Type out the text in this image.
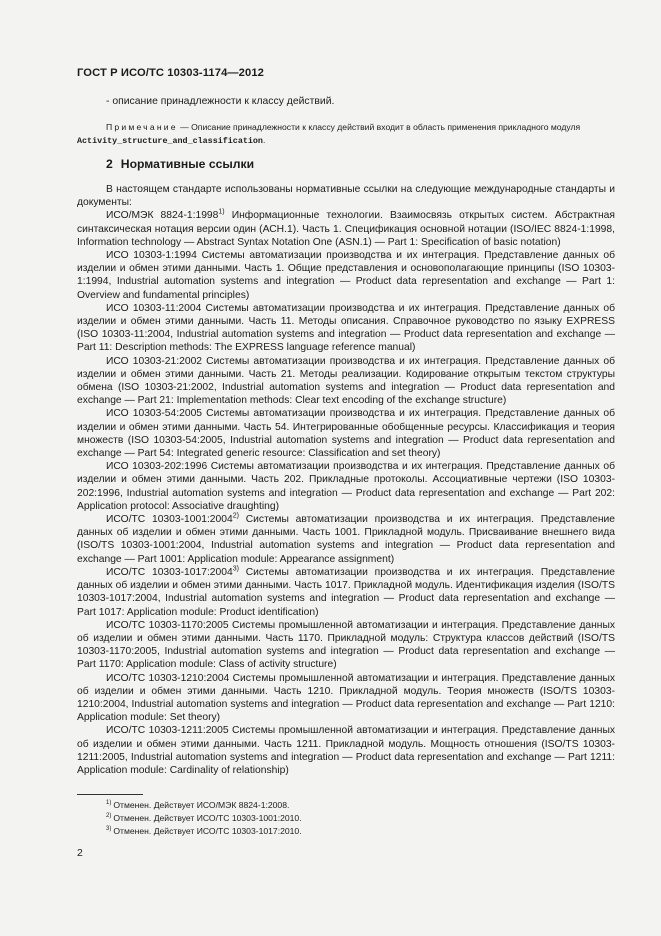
ГОСТ Р ИСО/ТС 10303-1174—2012
- описание принадлежности к классу действий.
Примечание — Описание принадлежности к классу действий входит в область применения прикладного модуля Activity_structure_and_classification.
2 Нормативные ссылки

В настоящем стандарте использованы нормативные ссылки на следующие международные стандарты и документы:

ИСО/МЭК 8824-1:1998$^{1)}$ Информационные технологии. Взаимосвязь открытых систем. Абстрактная синтаксическая нотация версии один (АСН.1). Часть 1. Спецификация основной нотации (ISO/IEC 8824-1:1998, Information technology — Abstract Syntax Notation One (ASN.1) — Part 1: Specification of basic notation)

ИСО 10303-1:1994 Системы автоматизации производства и их интеграция. Представление данных об изделии и обмен этими данными. Часть 1. Общие представления и основополагающие принципы (ISO 10303-1:1994, Industrial automation systems and integration — Product data representation and exchange — Part 1: Overview and fundamental principles)

ИСО 10303-11:2004 Системы автоматизации производства и их интеграция. Представление данных об изделии и обмен этими данными. Часть 11. Методы описания. Справочное руководство по языку EXPRESS (ISO 10303-11:2004, Industrial automation systems and integration — Product data representation and exchange — Part 11: Description methods: The EXPRESS language reference manual)

ИСО 10303-21:2002 Системы автоматизации производства и их интеграция. Представление данных об изделии и обмен этими данными. Часть 21. Методы реализации. Кодирование открытым текстом структуры обмена (ISO 10303-21:2002, Industrial automation systems and integration — Product data representation and exchange — Part 21: Implementation methods: Clear text encoding of the exchange structure)

ИСО 10303-54:2005 Системы автоматизации производства и их интеграция. Представление данных об изделии и обмен этими данными. Часть 54. Интегрированные обобщенные ресурсы. Классификация и теория множеств (ISO 10303-54:2005, Industrial automation systems and integration — Product data representation and exchange — Part 54: Integrated generic resource: Classification and set theory)

ИСО 10303-202:1996 Системы автоматизации производства и их интеграция. Представление данных об изделии и обмен этими данными. Часть 202. Прикладные протоколы. Ассоциативные чертежи (ISO 10303-202:1996, Industrial automation systems and integration — Product data representation and exchange — Part 202: Application protocol: Associative draughting)

ИСО/ТС 10303-1001:2004$^{2)}$ Системы автоматизации производства и их интеграция. Представление данных об изделии и обмен этими данными. Часть 1001. Прикладной модуль. Присваивание внешнего вида (ISO/TS 10303-1001:2004, Industrial automation systems and integration — Product data representation and exchange — Part 1001: Application module: Appearance assignment)

ИСО/ТС 10303-1017:2004$^{3)}$ Системы автоматизации производства и их интеграция. Представление данных об изделии и обмен этими данными. Часть 1017. Прикладной модуль. Идентификация изделия (ISO/TS 10303-1017:2004, Industrial automation systems and integration — Product data representation and exchange — Part 1017: Application module: Product identification)

ИСО/ТС 10303-1170:2005 Системы промышленной автоматизации и интеграция. Представление данных об изделии и обмен этими данными. Часть 1170. Прикладной модуль: Структура классов действий (ISO/TS 10303-1170:2005, Industrial automation systems and integration — Product data representation and exchange — Part 1170: Application module: Class of activity structure)

ИСО/ТС 10303-1210:2004 Системы промышленной автоматизации и интеграция. Представление данных об изделии и обмен этими данными. Часть 1210. Прикладной модуль. Теория множеств (ISO/TS 10303-1210:2004, Industrial automation systems and integration — Product data representation and exchange — Part 1210: Application module: Set theory)

ИСО/ТС 10303-1211:2005 Системы промышленной автоматизации и интеграция. Представление данных об изделии и обмен этими данными. Часть 1211. Прикладной модуль. Мощность отношения (ISO/TS 10303-1211:2005, Industrial automation systems and integration — Product data representation and exchange — Part 1211: Application module: Cardinality of relationship)

$^{1)}$ Отменен. Действует ИСО/МЭК 8824-1:2008.
$^{2)}$ Отменен. Действует ИСО/ТС 10303-1001:2010.
$^{3)}$ Отменен. Действует ИСО/ТС 10303-1017:2010.
2
